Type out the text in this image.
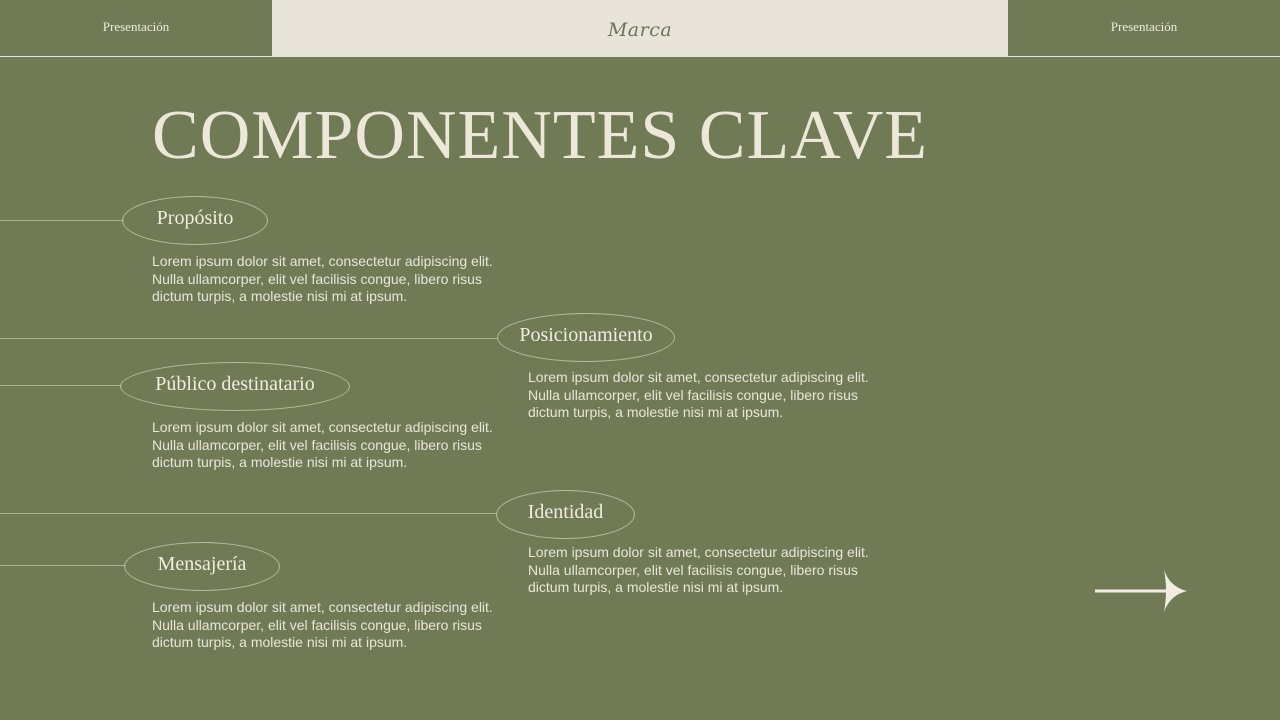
Presentación	Marca	Presentación
COMPONENTES CLAVE
Propósito

Lorem ipsum dolor sit amet, consectetur adipiscing elit. Nulla ullamcorper, elit vel facilisis congue, libero risus dictum turpis, a molestie nisi mi at ipsum.

Posicionamiento

Lorem ipsum dolor sit amet, consectetur adipiscing elit. Nulla ullamcorper, elit vel facilisis congue, libero risus dictum turpis, a molestie nisi mi at ipsum.

Público destinatario

Lorem ipsum dolor sit amet, consectetur adipiscing elit. Nulla ullamcorper, elit vel facilisis congue, libero risus dictum turpis, a molestie nisi mi at ipsum.

Identidad

Lorem ipsum dolor sit amet, consectetur adipiscing elit. Nulla ullamcorper, elit vel facilisis congue, libero risus dictum turpis, a molestie nisi mi at ipsum.

Mensajería

Lorem ipsum dolor sit amet, consectetur adipiscing elit. Nulla ullamcorper, elit vel facilisis congue, libero risus dictum turpis, a molestie nisi mi at ipsum.
